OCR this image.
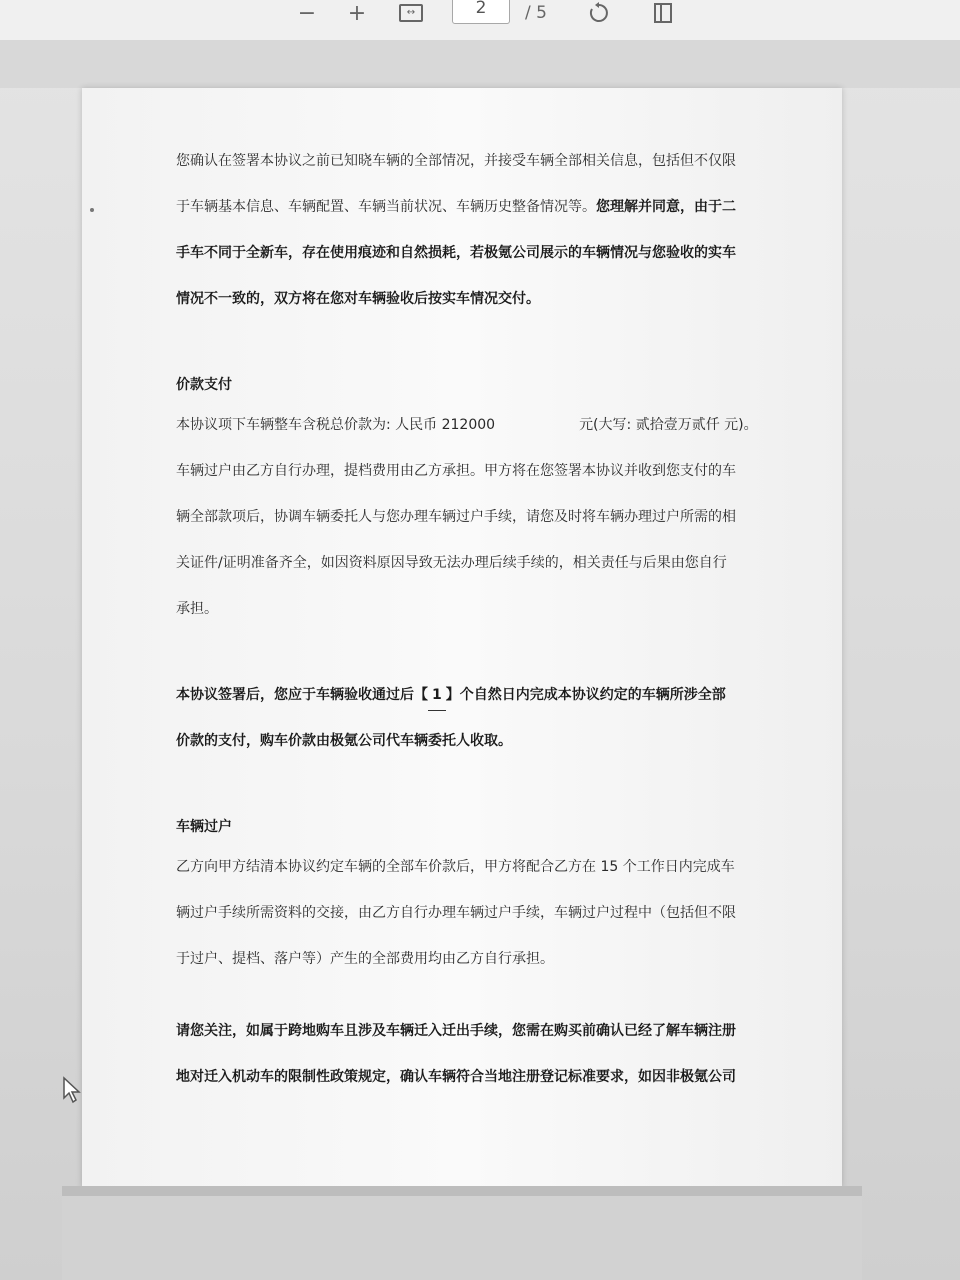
− +	↔
2	/ 5
您确认在签署本协议之前已知晓车辆的全部情况，并接受车辆全部相关信息，包括但不仅限
于车辆基本信息、车辆配置、车辆当前状况、车辆历史整备情况等。您理解并同意，由于二
手车不同于全新车，存在使用痕迹和自然损耗，若极氪公司展示的车辆情况与您验收的实车
情况不一致的，双方将在您对车辆验收后按实车情况交付。
价款支付
本协议项下车辆整车含税总价款为: 人民币 212000	元(大写: 贰拾壹万贰仟 元)。
车辆过户由乙方自行办理，提档费用由乙方承担。甲方将在您签署本协议并收到您支付的车
辆全部款项后，协调车辆委托人与您办理车辆过户手续，请您及时将车辆办理过户所需的相
关证件/证明准备齐全，如因资料原因导致无法办理后续手续的，相关责任与后果由您自行
承担。
本协议签署后，您应于车辆验收通过后【 1 】个自然日内完成本协议约定的车辆所涉全部
价款的支付，购车价款由极氪公司代车辆委托人收取。
车辆过户
乙方向甲方结清本协议约定车辆的全部车价款后，甲方将配合乙方在 15 个工作日内完成车
辆过户手续所需资料的交接，由乙方自行办理车辆过户手续，车辆过户过程中（包括但不限
于过户、提档、落户等）产生的全部费用均由乙方自行承担。
请您关注，如属于跨地购车且涉及车辆迁入迁出手续，您需在购买前确认已经了解车辆注册
地对迁入机动车的限制性政策规定，确认车辆符合当地注册登记标准要求，如因非极氪公司
